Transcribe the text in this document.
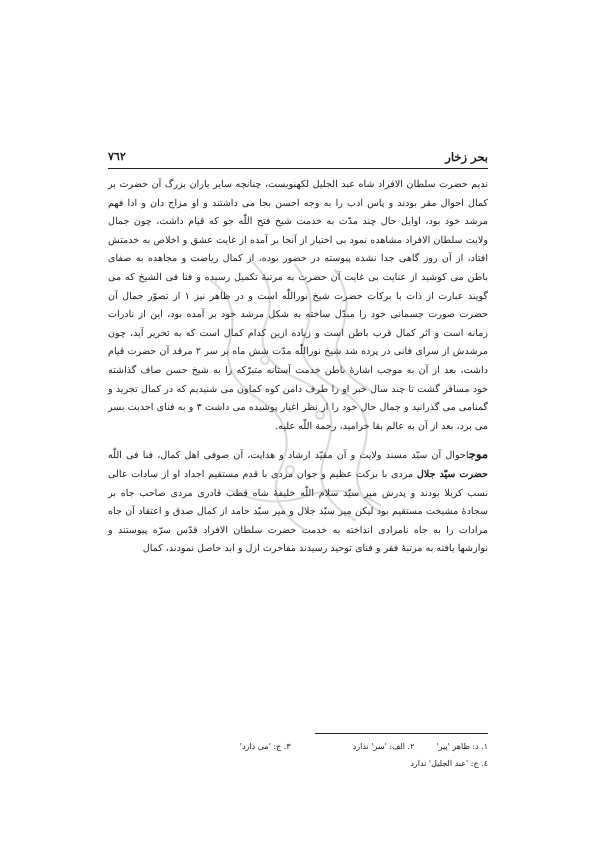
بحر زخار
٧٦٢

ندیم حضرت سلطان الافراد شاه عبد الجلیل لکهنویست، چنانچه سایر یاران بزرگ آن حضرت بر کمال احوال مقر بودند و پاس ادب را به وجه احسن بجا می داشتند و او مزاج دان و ادا فهم مرشد خود بود، اوایل حال چند مدّت به خدمت شیخ فتح اللّٰه جو که قیام داشت، چون جمال ولایت سلطان الافراد مشاهده نمود بی اختیار از آنجا بر آمده از غایت عشق و اخلاص به خدمتش افتاد، از آن روز گاهی جدا نشده پیوسته در حضور بوده، از کمال ریاضت و مجاهده به صفای باطن می کوشید از عنایت بی غایت آن حضرت به مرتبهٔ تکمیل رسیده و فنا فی الشیخ که می گویند عبارت از ذات با برکات حضرت شیخ نوراللّٰه است و در ظاهر نیز ۱ از تصوّر جمال آن حضرت صورت جسمانی خود را مبدّل ساخته به شکل مرشد خود بر آمده بود، این از نادرات زمانه است و اثر کمال قرب باطن است و زیاده ازین کدام کمال است که به تحریر آید، چون مرشدش از سرای فانی در پرده شد شیخ نوراللّٰه مدّت شش ماه بر سر ۲ مرقد آن حضرت قیام داشت، بعد از آن به موجب اشارهٔ باطن خدمت آستانه متبرّکه را به شیخ حسن صاف گذاشته خود مسافر گشت تا چند سال خبر او را طرف دامن کوه کماون می شنیدیم که در کمال تجرید و گمنامی می گذرانید و جمال حال خود را از نظر اغیار پوشیده می داشت ۳ و به فنای احدیت بسر می برد، بعد از آن به عالم بقا خرامید، رحمة اللّٰه علیه.

موجاحوال آن سیّد مسند ولایت و آن مقیّد ارشاد و هدایت، آن صوفی اهل کمال، فنا فی اللّٰه حضرت سیّد جلال مردی با برکت عظیم و جوان مردی با قدم مستقیم اجداد او از سادات عالی نسب کربلا بودند و پدرش میر سیّد سلام اللّٰه خلیفهٔ شاه قطب قادری مردی صاحب جاه بر سجادهٔ مشیخت مستقیم بود لیکن میر سیّد جلال و میر سیّد حامد از کمال صدق و اعتقاد آن جاه مرادات را به جاه نامرادی انداخته به خدمت حضرت سلطان الافراد قدّس سرّه پیوستند و نوازشها یافته به مرتبهٔ فقر و فنای توحید رسیدند مفاخرت ازل و ابد حاصل نمودند، کمال

۱. د: ظاهر 'پیر'۲. الف: 'سر' ندارد۳. ج: 'می دارد'
٤. ج: 'عبد الجلیل' ندارد
